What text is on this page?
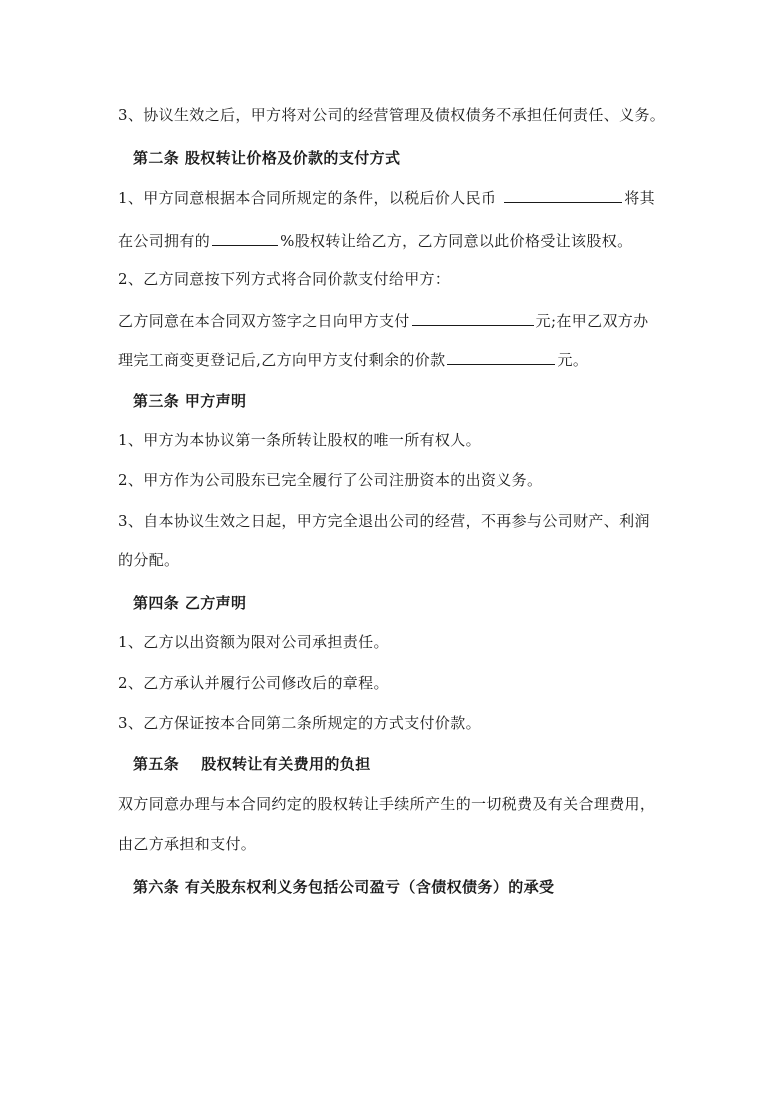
3、协议生效之后，甲方将对公司的经营管理及债权债务不承担任何责任、义务。
第二条 股权转让价格及价款的支付方式
1、甲方同意根据本合同所规定的条件，以税后价人民币	将其
在公司拥有的	%股权转让给乙方，乙方同意以此价格受让该股权。
2、乙方同意按下列方式将合同价款支付给甲方：
乙方同意在本合同双方签字之日向甲方支付	元;在甲乙双方办
理完工商变更登记后,乙方向甲方支付剩余的价款	元。
第三条 甲方声明
1、甲方为本协议第一条所转让股权的唯一所有权人。
2、甲方作为公司股东已完全履行了公司注册资本的出资义务。
3、自本协议生效之日起，甲方完全退出公司的经营，不再参与公司财产、利润
的分配。
第四条 乙方声明
1、乙方以出资额为限对公司承担责任。
2、乙方承认并履行公司修改后的章程。
3、乙方保证按本合同第二条所规定的方式支付价款。
第五条 股权转让有关费用的负担
双方同意办理与本合同约定的股权转让手续所产生的一切税费及有关合理费用，
由乙方承担和支付。
第六条 有关股东权利义务包括公司盈亏（含债权债务）的承受
